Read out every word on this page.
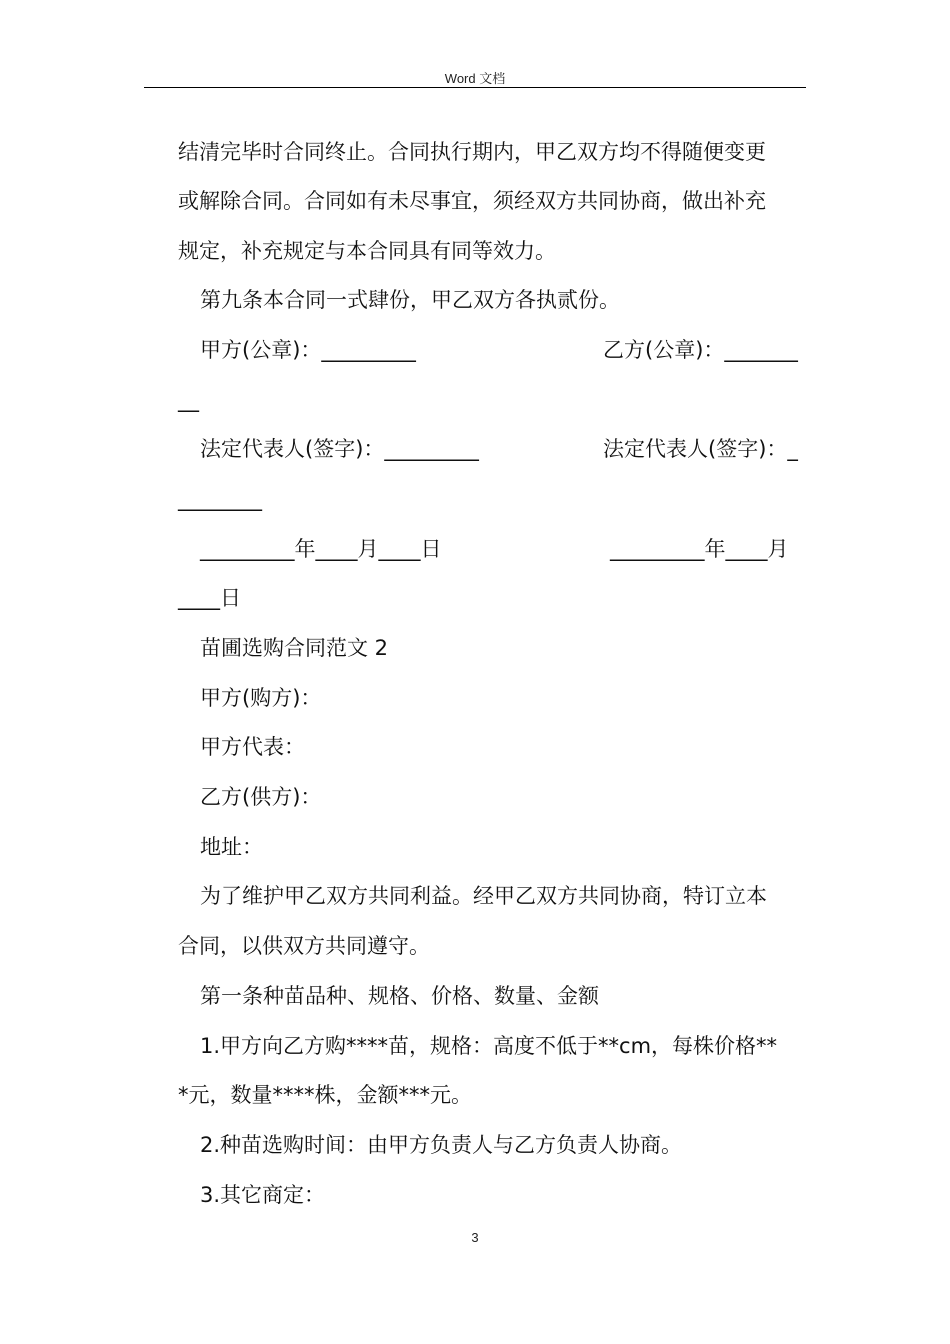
Word 文档
结清完毕时合同终止。合同执行期内，甲乙双方均不得随便变更
或解除合同。合同如有未尽事宜，须经双方共同协商，做出补充
规定，补充规定与本合同具有同等效力。
第九条本合同一式肆份，甲乙双方各执贰份。
甲方(公章)：_________	乙方(公章)：_______
__
法定代表人(签字)：_________	法定代表人(签字)：_
________
_________年____月____日	_________年____月
____日
苗圃选购合同范文 2
甲方(购方)：
甲方代表：
乙方(供方)：
地址：
为了维护甲乙双方共同利益。经甲乙双方共同协商，特订立本
合同，以供双方共同遵守。
第一条种苗品种、规格、价格、数量、金额
1.甲方向乙方购****苗，规格：高度不低于**cm，每株价格**
*元，数量****株，金额***元。
2.种苗选购时间：由甲方负责人与乙方负责人协商。
3.其它商定：
3
